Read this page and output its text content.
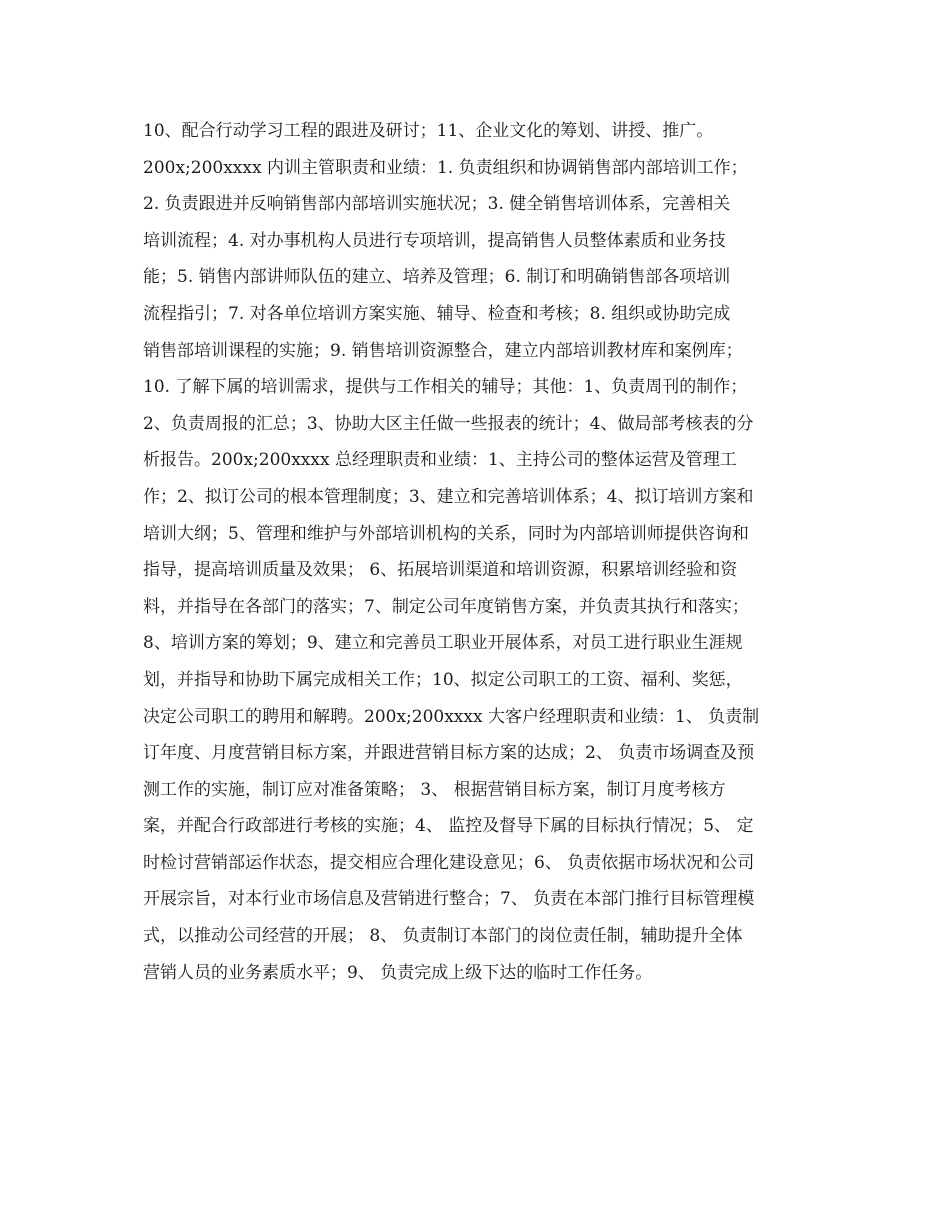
10、配合行动学习工程的跟进及研讨；11、企业文化的筹划、讲授、推广。
200x;200xxxx 内训主管职责和业绩：1. 负责组织和协调销售部内部培训工作；
2. 负责跟进并反响销售部内部培训实施状况；3. 健全销售培训体系，完善相关
培训流程；4. 对办事机构人员进行专项培训，提高销售人员整体素质和业务技
能；5. 销售内部讲师队伍的建立、培养及管理；6. 制订和明确销售部各项培训
流程指引；7. 对各单位培训方案实施、辅导、检查和考核；8. 组织或协助完成
销售部培训课程的实施；9. 销售培训资源整合，建立内部培训教材库和案例库；
10. 了解下属的培训需求，提供与工作相关的辅导；其他：1、负责周刊的制作；
2、负责周报的汇总；3、协助大区主任做一些报表的统计；4、做局部考核表的分
析报告。200x;200xxxx 总经理职责和业绩：1、主持公司的整体运营及管理工
作；2、拟订公司的根本管理制度；3、建立和完善培训体系；4、拟订培训方案和
培训大纲；5、管理和维护与外部培训机构的关系，同时为内部培训师提供咨询和
指导，提高培训质量及效果； 6、拓展培训渠道和培训资源，积累培训经验和资
料，并指导在各部门的落实；7、制定公司年度销售方案，并负责其执行和落实；
8、培训方案的筹划；9、建立和完善员工职业开展体系，对员工进行职业生涯规
划，并指导和协助下属完成相关工作；10、拟定公司职工的工资、福利、奖惩，
决定公司职工的聘用和解聘。200x;200xxxx 大客户经理职责和业绩：1、 负责制
订年度、月度营销目标方案，并跟进营销目标方案的达成；2、 负责市场调查及预
测工作的实施，制订应对准备策略； 3、 根据营销目标方案，制订月度考核方
案，并配合行政部进行考核的实施；4、 监控及督导下属的目标执行情况；5、 定
时检讨营销部运作状态，提交相应合理化建设意见；6、 负责依据市场状况和公司
开展宗旨，对本行业市场信息及营销进行整合；7、 负责在本部门推行目标管理模
式，以推动公司经营的开展； 8、 负责制订本部门的岗位责任制，辅助提升全体
营销人员的业务素质水平；9、 负责完成上级下达的临时工作任务。
